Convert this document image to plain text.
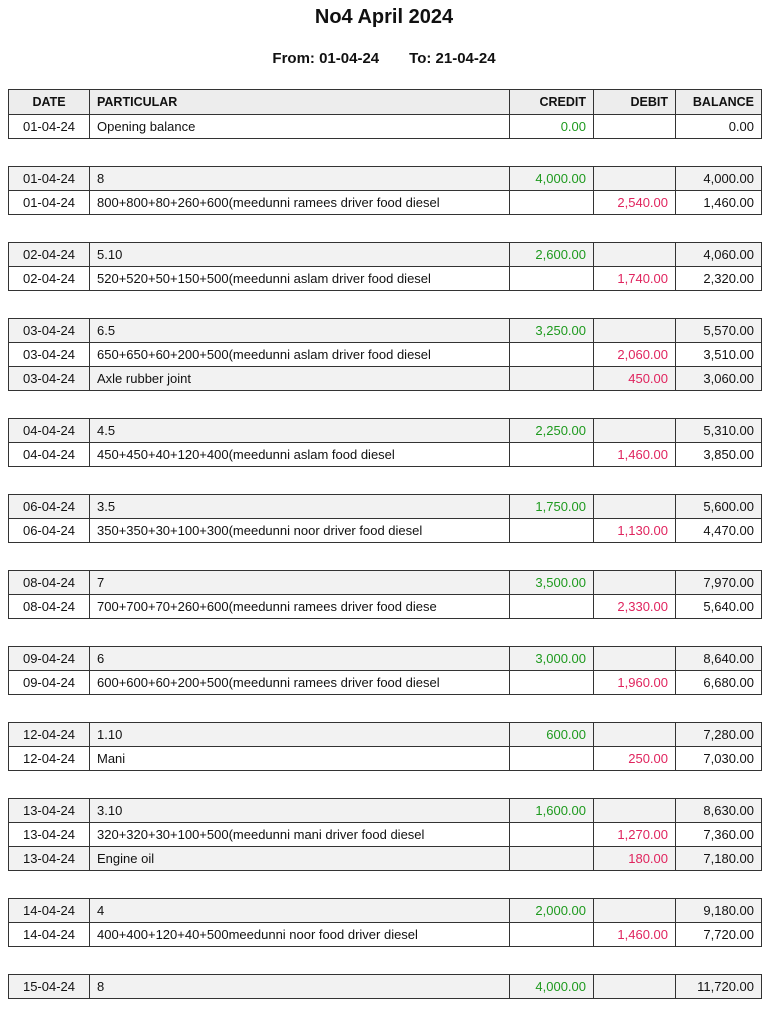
No4 April 2024
From: 01-04-24 To: 21-04-24
DATE	PARTICULAR	CREDIT	DEBIT	BALANCE
01-04-24	Opening balance	0.00		0.00

01-04-24	8	4,000.00		4,000.00
01-04-24	800+800+80+260+600(meedunni ramees driver food diesel		2,540.00	1,460.00

02-04-24	5.10	2,600.00		4,060.00
02-04-24	520+520+50+150+500(meedunni aslam driver food diesel		1,740.00	2,320.00

03-04-24	6.5	3,250.00		5,570.00
03-04-24	650+650+60+200+500(meedunni aslam driver food diesel		2,060.00	3,510.00
03-04-24	Axle rubber joint		450.00	3,060.00

04-04-24	4.5	2,250.00		5,310.00
04-04-24	450+450+40+120+400(meedunni aslam food diesel		1,460.00	3,850.00

06-04-24	3.5	1,750.00		5,600.00
06-04-24	350+350+30+100+300(meedunni noor driver food diesel		1,130.00	4,470.00

08-04-24	7	3,500.00		7,970.00
08-04-24	700+700+70+260+600(meedunni ramees driver food diese		2,330.00	5,640.00

09-04-24	6	3,000.00		8,640.00
09-04-24	600+600+60+200+500(meedunni ramees driver food diesel		1,960.00	6,680.00

12-04-24	1.10	600.00		7,280.00
12-04-24	Mani		250.00	7,030.00

13-04-24	3.10	1,600.00		8,630.00
13-04-24	320+320+30+100+500(meedunni mani driver food diesel		1,270.00	7,360.00
13-04-24	Engine oil		180.00	7,180.00

14-04-24	4	2,000.00		9,180.00
14-04-24	400+400+120+40+500meedunni noor food driver diesel		1,460.00	7,720.00

15-04-24	8	4,000.00		11,720.00
